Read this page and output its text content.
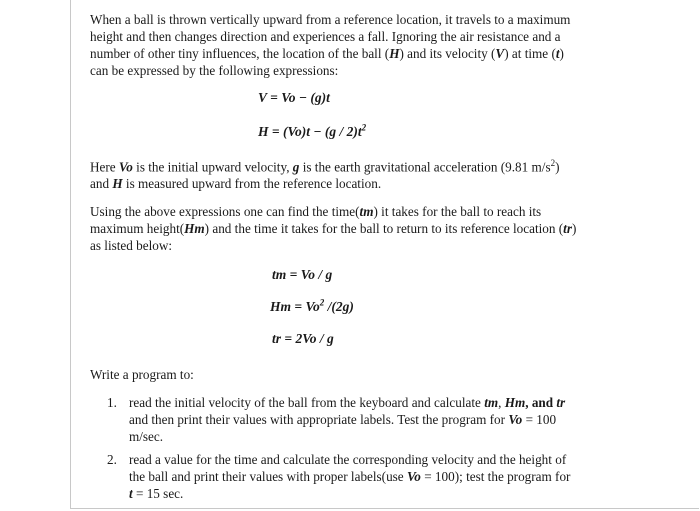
When a ball is thrown vertically upward from a reference location, it travels to a maximum
height and then changes direction and experiences a fall. Ignoring the air resistance and a
number of other tiny influences, the location of the ball (H) and its velocity (V) at time (t)
can be expressed by the following expressions:
V = Vo − (g)t
$H = (Vo)t - (g / 2)t^2$
Here Vo is the initial upward velocity, g is the earth gravitational acceleration (9.81 $m/s^2$)
and H is measured upward from the reference location.
Using the above expressions one can find the time(tm) it takes for the ball to reach its
maximum height(Hm) and the time it takes for the ball to return to its reference location (tr)
as listed below:
tm = Vo / g
$Hm = Vo^2$ /(2g)
tr = 2Vo / g
Write a program to:
1. read the initial velocity of the ball from the keyboard and calculate tm, Hm, and tr
and then print their values with appropriate labels. Test the program for Vo = 100
m/sec.
2. read a value for the time and calculate the corresponding velocity and the height of
the ball and print their values with proper labels(use Vo = 100); test the program for
t = 15 sec.
